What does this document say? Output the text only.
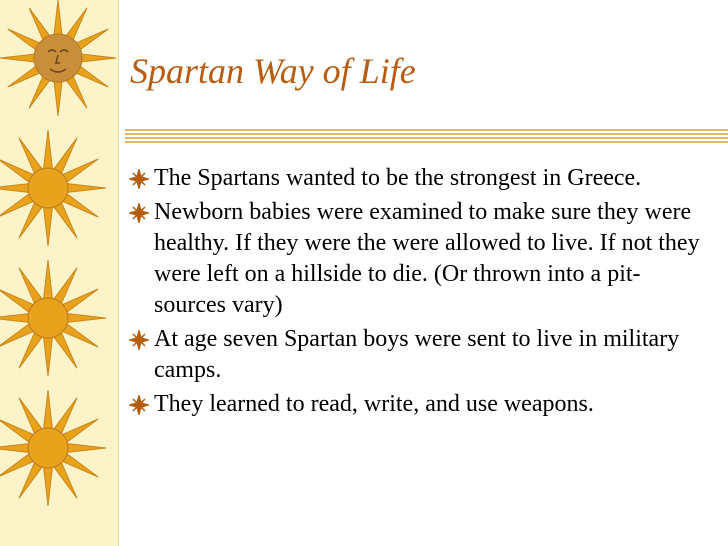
Spartan Way of Life
The Spartans wanted to be the strongest in Greece.
Newborn babies were examined to make sure they were healthy. If they were the were allowed to live. If not they were left on a hillside to die. (Or thrown into a pit- sources vary)
At age seven Spartan boys were sent to live in military camps.
They learned to read, write, and use weapons.
